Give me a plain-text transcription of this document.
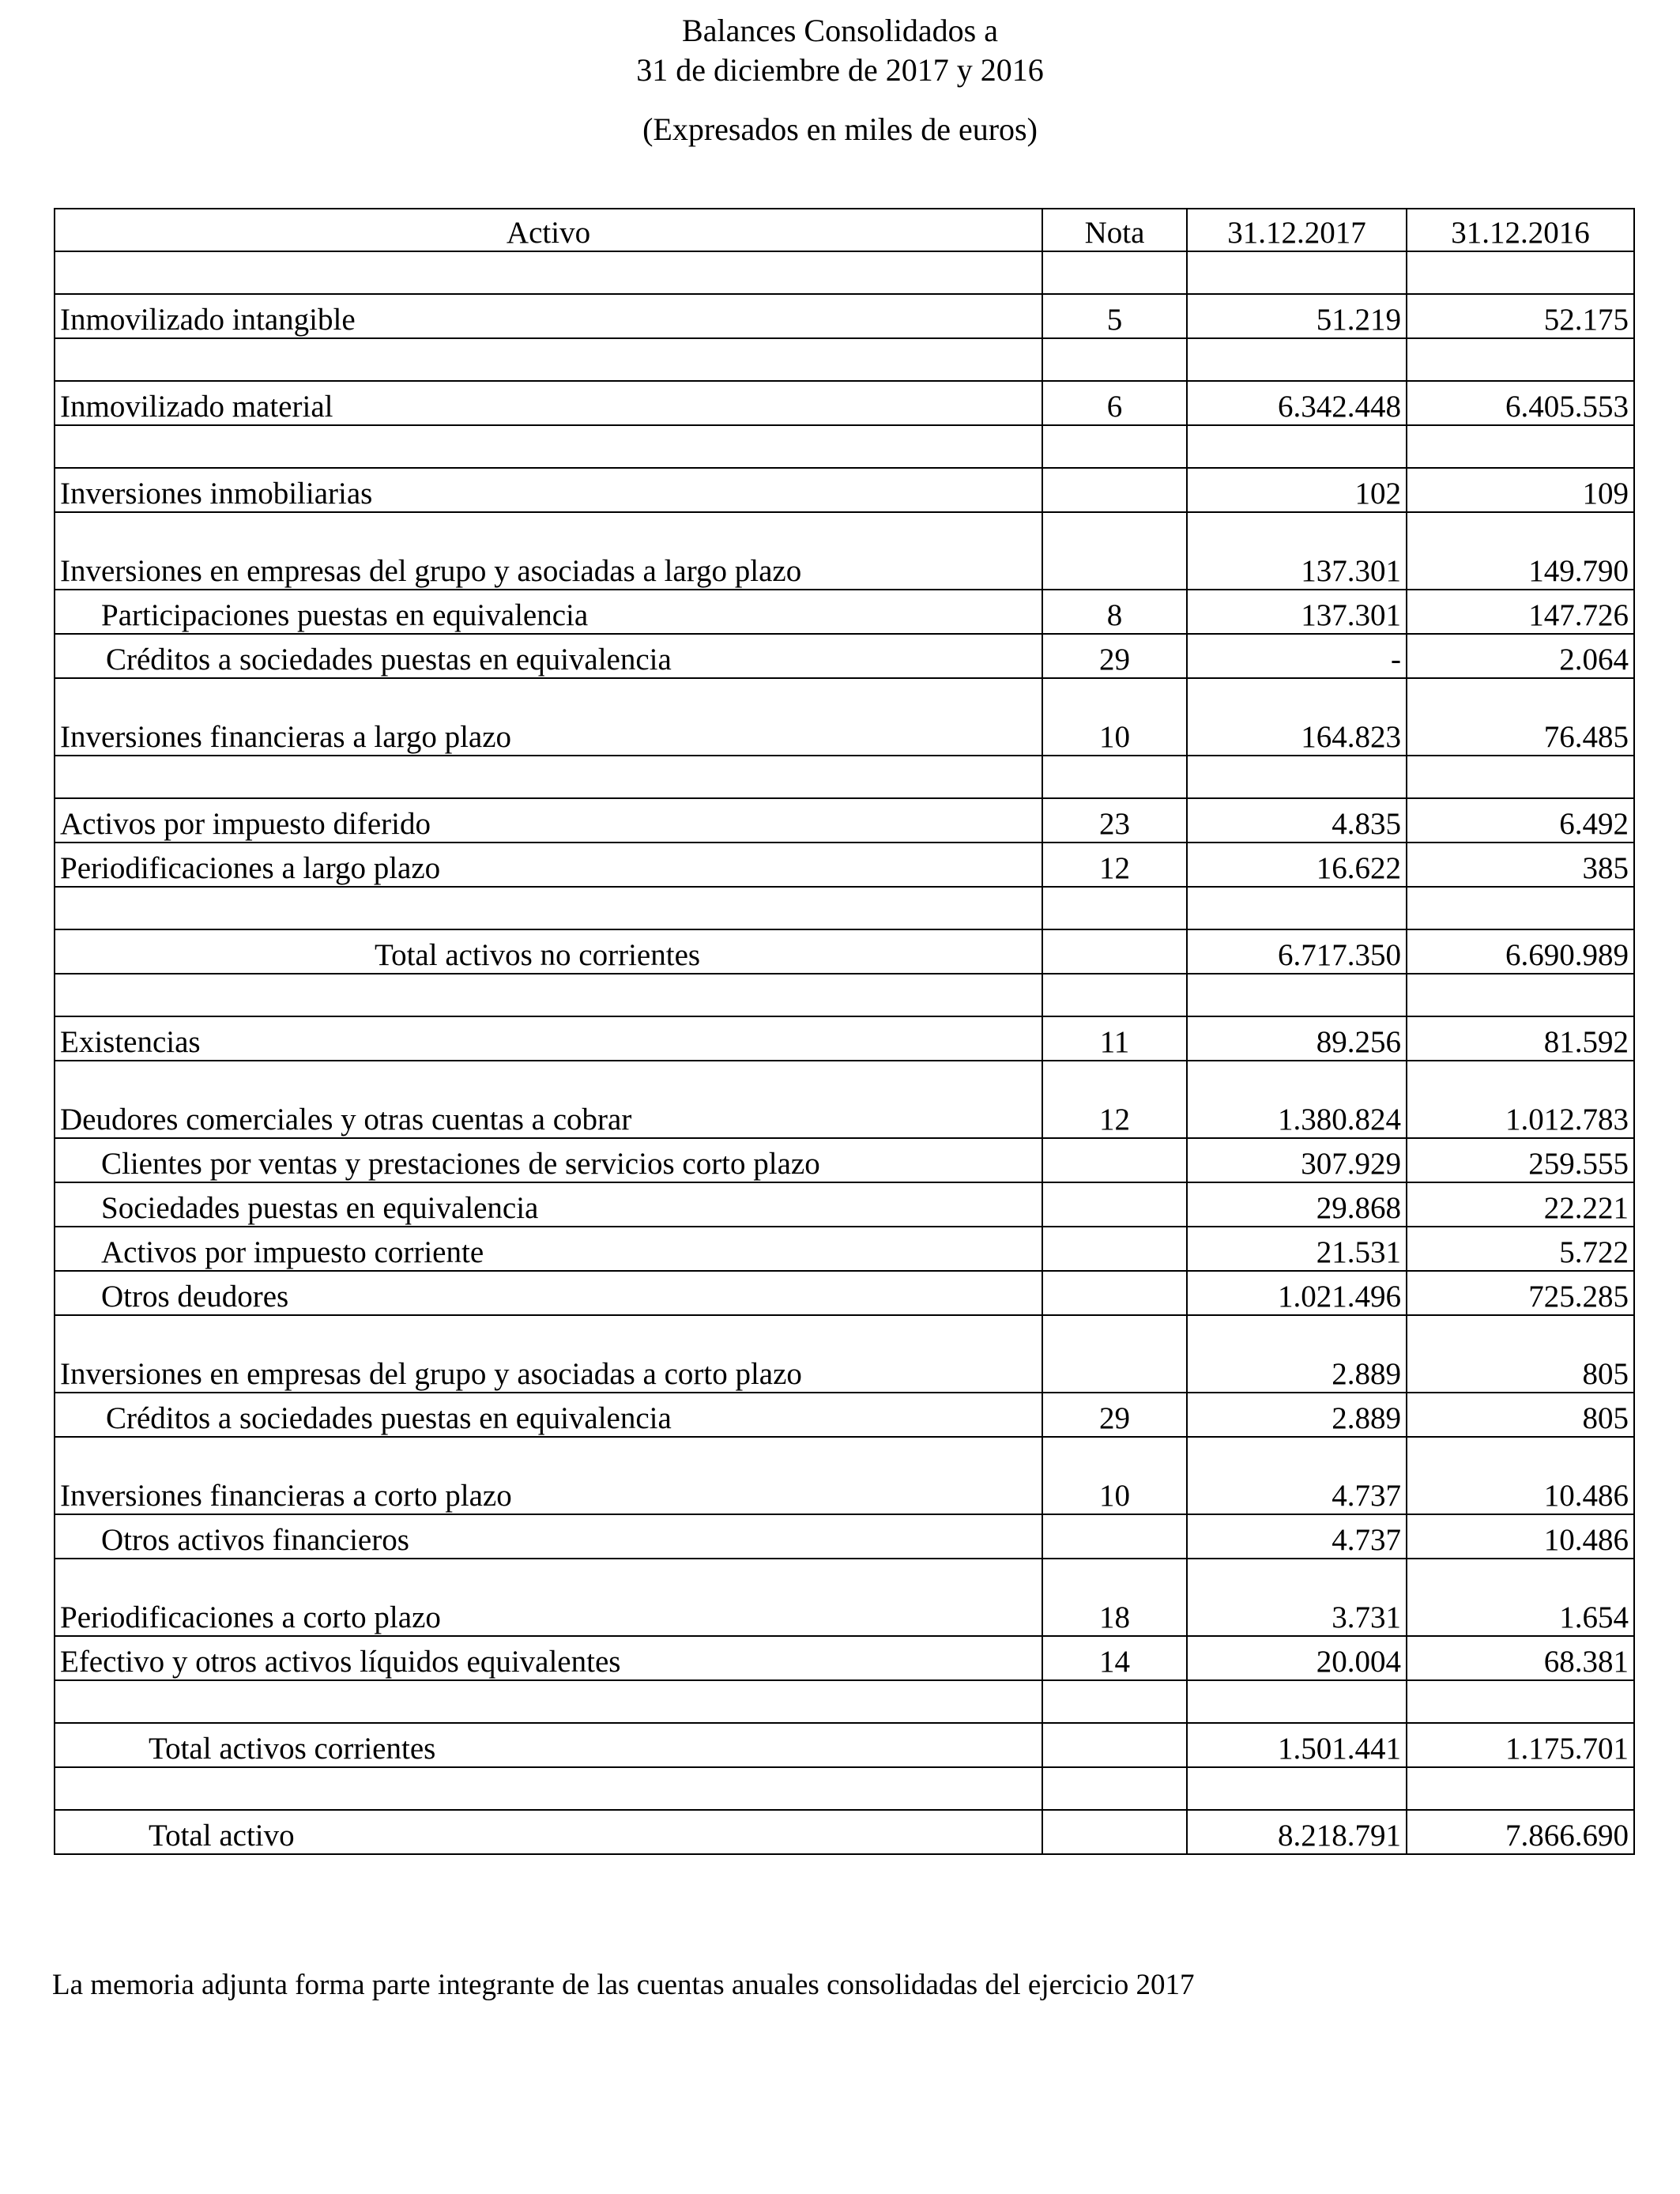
Balances Consolidados a
31 de diciembre de 2017 y 2016
(Expresados en miles de euros)
Activo	Nota	31.12.2017	31.12.2016

Inmovilizado intangible	5	51.219	52.175

Inmovilizado material	6	6.342.448	6.405.553

Inversiones inmobiliarias		102	109
Inversiones en empresas del grupo y asociadas a largo plazo		137.301	149.790
Participaciones puestas en equivalencia	8	137.301	147.726
Créditos a sociedades puestas en equivalencia	29	-	2.064
Inversiones financieras a largo plazo	10	164.823	76.485

Activos por impuesto diferido	23	4.835	6.492
Periodificaciones a largo plazo	12	16.622	385

Total activos no corrientes		6.717.350	6.690.989

Existencias	11	89.256	81.592
Deudores comerciales y otras cuentas a cobrar	12	1.380.824	1.012.783
Clientes por ventas y prestaciones de servicios corto plazo		307.929	259.555
Sociedades puestas en equivalencia		29.868	22.221
Activos por impuesto corriente		21.531	5.722
Otros deudores		1.021.496	725.285
Inversiones en empresas del grupo y asociadas a corto plazo		2.889	805
Créditos a sociedades puestas en equivalencia	29	2.889	805
Inversiones financieras a corto plazo	10	4.737	10.486
Otros activos financieros		4.737	10.486
Periodificaciones a corto plazo	18	3.731	1.654
Efectivo y otros activos líquidos equivalentes	14	20.004	68.381

Total activos corrientes		1.501.441	1.175.701

Total activo		8.218.791	7.866.690
La memoria adjunta forma parte integrante de las cuentas anuales consolidadas del ejercicio 2017
